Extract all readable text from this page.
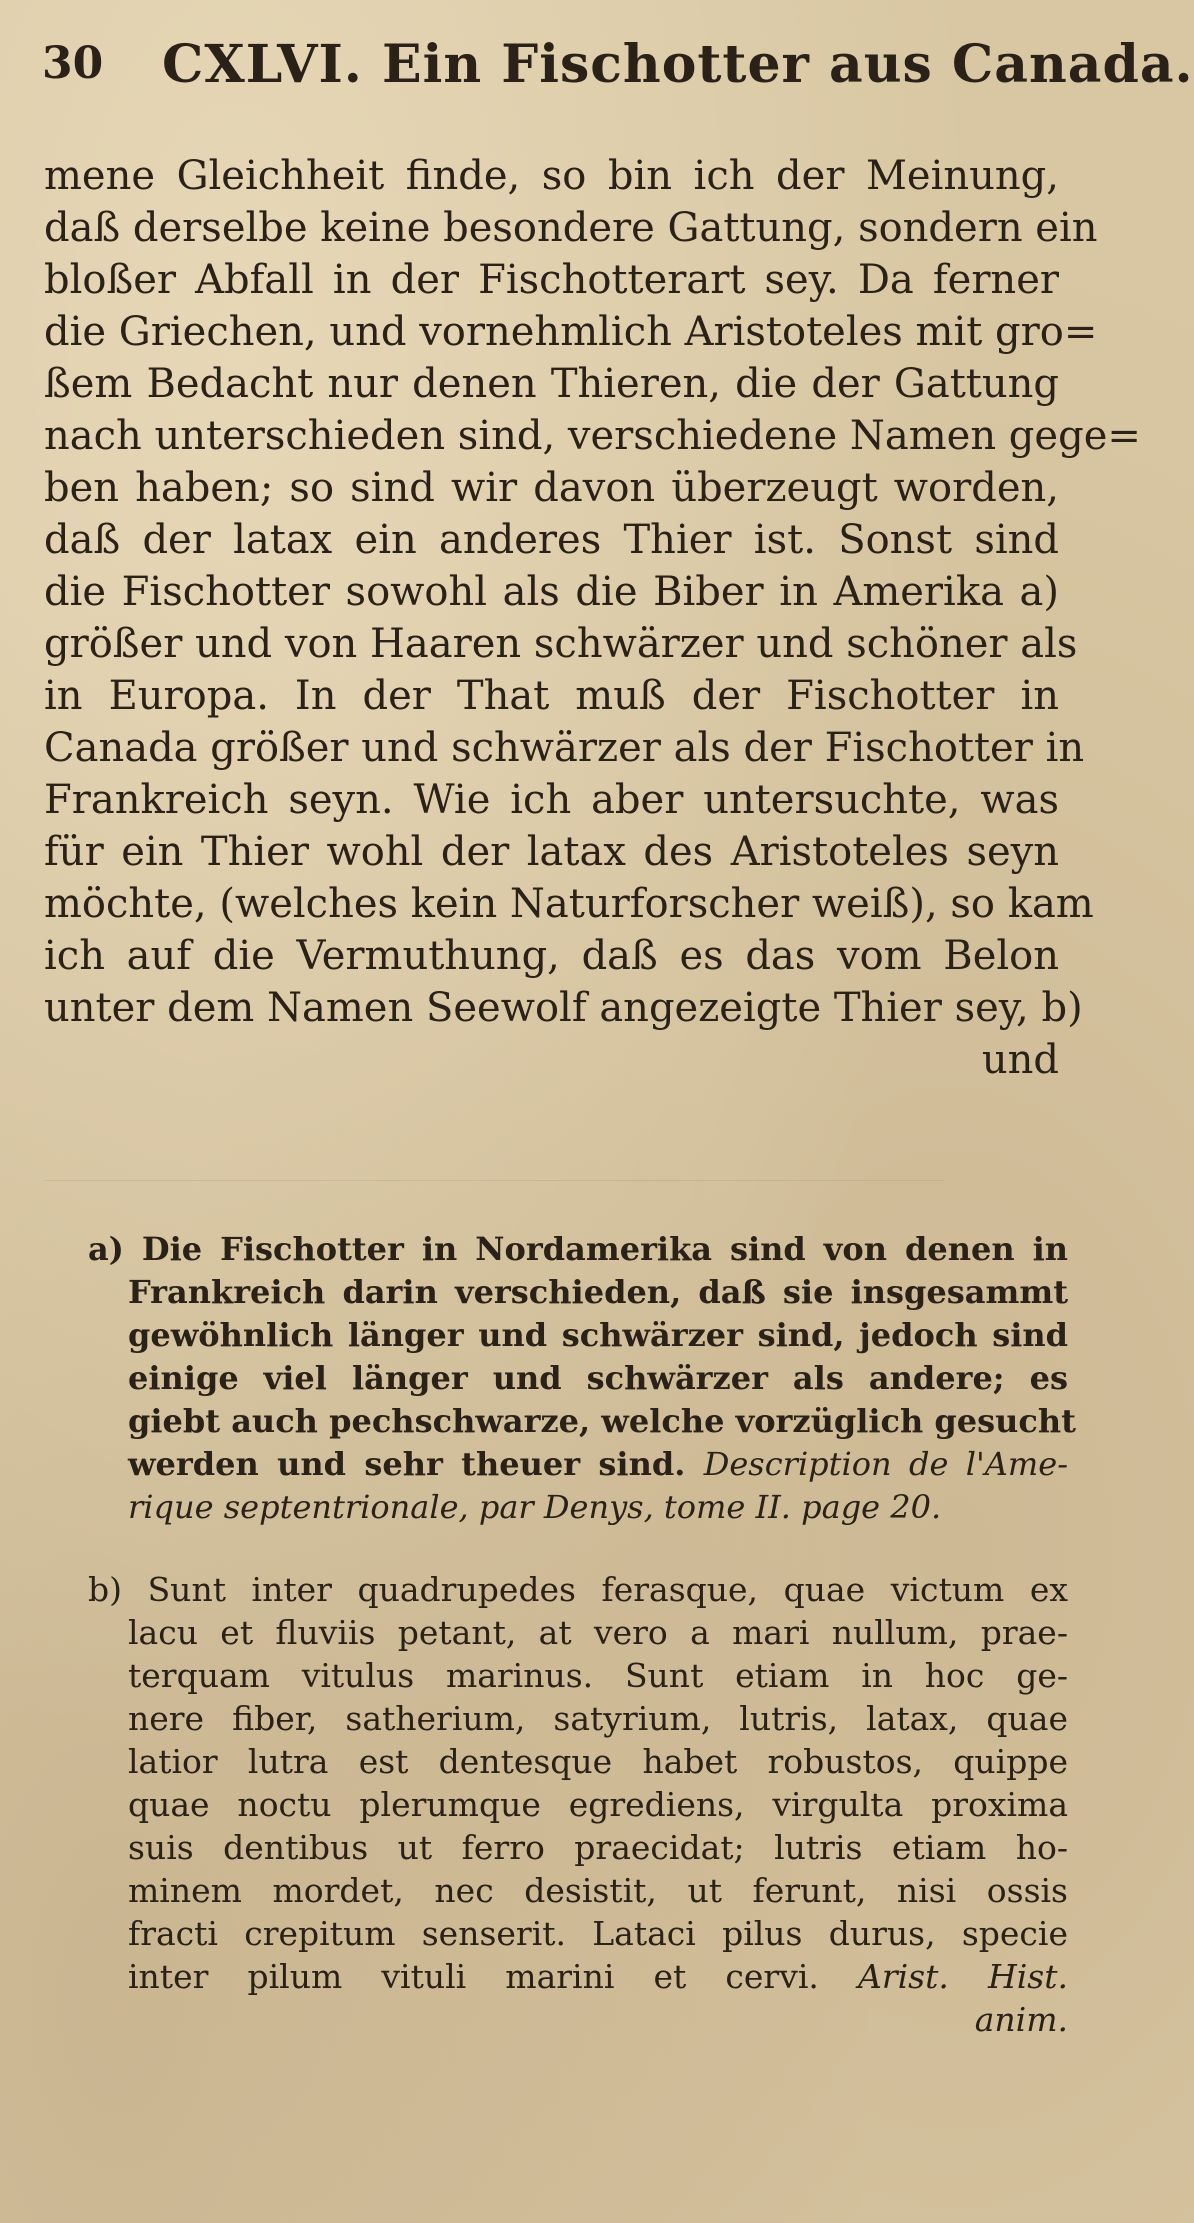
30 CXLVI. Ein Fischotter aus Canada.
mene Gleichheit finde, so bin ich der Meinung,
daß derselbe keine besondere Gattung, sondern ein
bloßer Abfall in der Fischotterart sey. Da ferner
die Griechen, und vornehmlich Aristoteles mit gro=
ßem Bedacht nur denen Thieren, die der Gattung
nach unterschieden sind, verschiedene Namen gege=
ben haben; so sind wir davon überzeugt worden,
daß der latax ein anderes Thier ist. Sonst sind
die Fischotter sowohl als die Biber in Amerika a)
größer und von Haaren schwärzer und schöner als
in Europa. In der That muß der Fischotter in
Canada größer und schwärzer als der Fischotter in
Frankreich seyn. Wie ich aber untersuchte, was
für ein Thier wohl der latax des Aristoteles seyn
möchte, (welches kein Naturforscher weiß), so kam
ich auf die Vermuthung, daß es das vom Belon
unter dem Namen Seewolf angezeigte Thier sey, b)
und
a) Die Fischotter in Nordamerika sind von denen in
Frankreich darin verschieden, daß sie insgesammt
gewöhnlich länger und schwärzer sind, jedoch sind
einige viel länger und schwärzer als andere; es
giebt auch pechschwarze, welche vorzüglich gesucht
werden und sehr theuer sind. Description de l'Ame-
rique septentrionale, par Denys, tome II. page 20.
b) Sunt inter quadrupedes ferasque, quae victum ex
lacu et fluviis petant, at vero a mari nullum, prae-
terquam vitulus marinus. Sunt etiam in hoc ge-
nere fiber, satherium, satyrium, lutris, latax, quae
latior lutra est dentesque habet robustos, quippe
quae noctu plerumque egrediens, virgulta proxima
suis dentibus ut ferro praecidat; lutris etiam ho-
minem mordet, nec desistit, ut ferunt, nisi ossis
fracti crepitum senserit. Lataci pilus durus, specie
inter pilum vituli marini et cervi. Arist. Hist.
anim.
